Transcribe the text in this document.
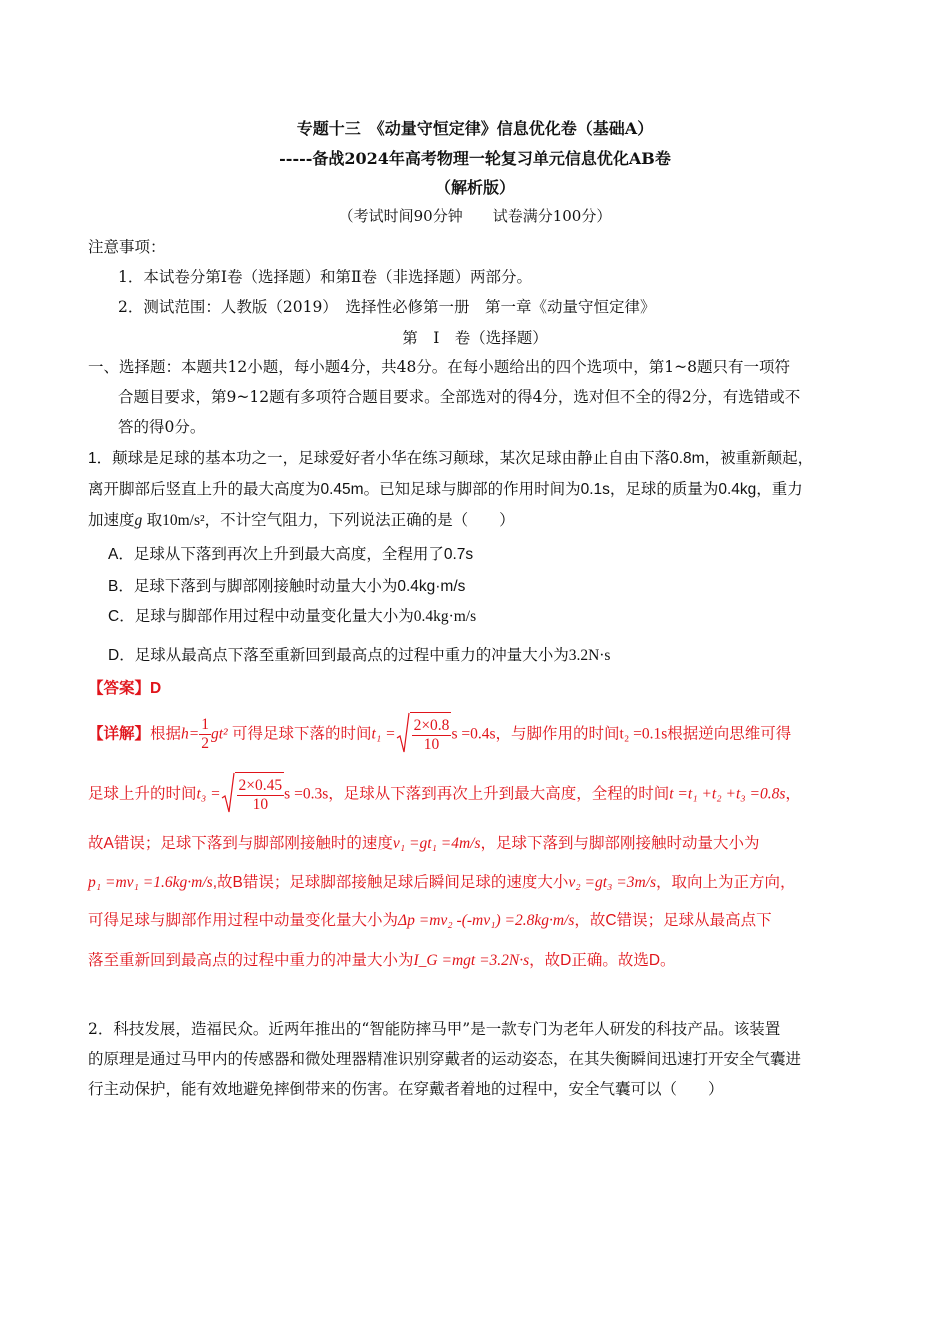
专题十三　《动量守恒定律》信息优化卷（基础A）
-----备战2024年高考物理一轮复习单元信息优化AB卷
（解析版）
（考试时间90分钟　　试卷满分100分）
注意事项：
1．本试卷分第Ⅰ卷（选择题）和第Ⅱ卷（非选择题）两部分。
2．测试范围：人教版（2019）　选择性必修第一册　第一章《动量守恒定律》
第　Ⅰ　卷（选择题）
一、选择题：本题共12小题，每小题4分，共48分。在每小题给出的四个选项中，第1~8题只有一项符
合题目要求，第9~12题有多项符合题目要求。全部选对的得4分，选对但不全的得2分，有选错或不
答的得0分。
1．颠球是足球的基本功之一，足球爱好者小华在练习颠球，某次足球由静止自由下落0.8m，被重新颠起，
离开脚部后竖直上升的最大高度为0.45m。已知足球与脚部的作用时间为0.1s，足球的质量为0.4kg，重力
加速度g 取10m/s²，不计空气阻力，下列说法正确的是（　　）
A．足球从下落到再次上升到最大高度，全程用了0.7s
B．足球下落到与脚部刚接触时动量大小为0.4kg·m/s
C．足球与脚部作用过程中动量变化量大小为0.4kg·m/s
D．足球从最高点下落至重新回到最高点的过程中重力的冲量大小为3.2N·s
【答案】D
【详解】根据$h= \frac{1}{2} gt^2$ 可得足球下落的时间$t_1 = \frac{2\times 0.8}{10}$ s =0.4s，与脚作用的时间t₂ =0.1s根据逆向思维可得
足球上升的时间$t_3 = \frac{2\times 0.45}{10}$ s =0.3s，足球从下落到再次上升到最大高度，全程的时间t =t₁ +t₂ +t₃ =0.8s，
故A错误；足球下落到与脚部刚接触时的速度v₁ =gt₁ =4m/s，足球下落到与脚部刚接触时动量大小为
p₁ =mv₁ =1.6kg·m/s,故B错误；足球脚部接触足球后瞬间足球的速度大小v₂ =gt₃ =3m/s，取向上为正方向，
可得足球与脚部作用过程中动量变化量大小为Δp =mv₂ -(-mv₁) =2.8kg·m/s，故C错误；足球从最高点下
落至重新回到最高点的过程中重力的冲量大小为I_G =mgt =3.2N·s，故D正确。故选D。
2．科技发展，造福民众。近两年推出的“智能防摔马甲”是一款专门为老年人研发的科技产品。该装置
的原理是通过马甲内的传感器和微处理器精准识别穿戴者的运动姿态，在其失衡瞬间迅速打开安全气囊进
行主动保护，能有效地避免摔倒带来的伤害。在穿戴者着地的过程中，安全气囊可以（　　）
